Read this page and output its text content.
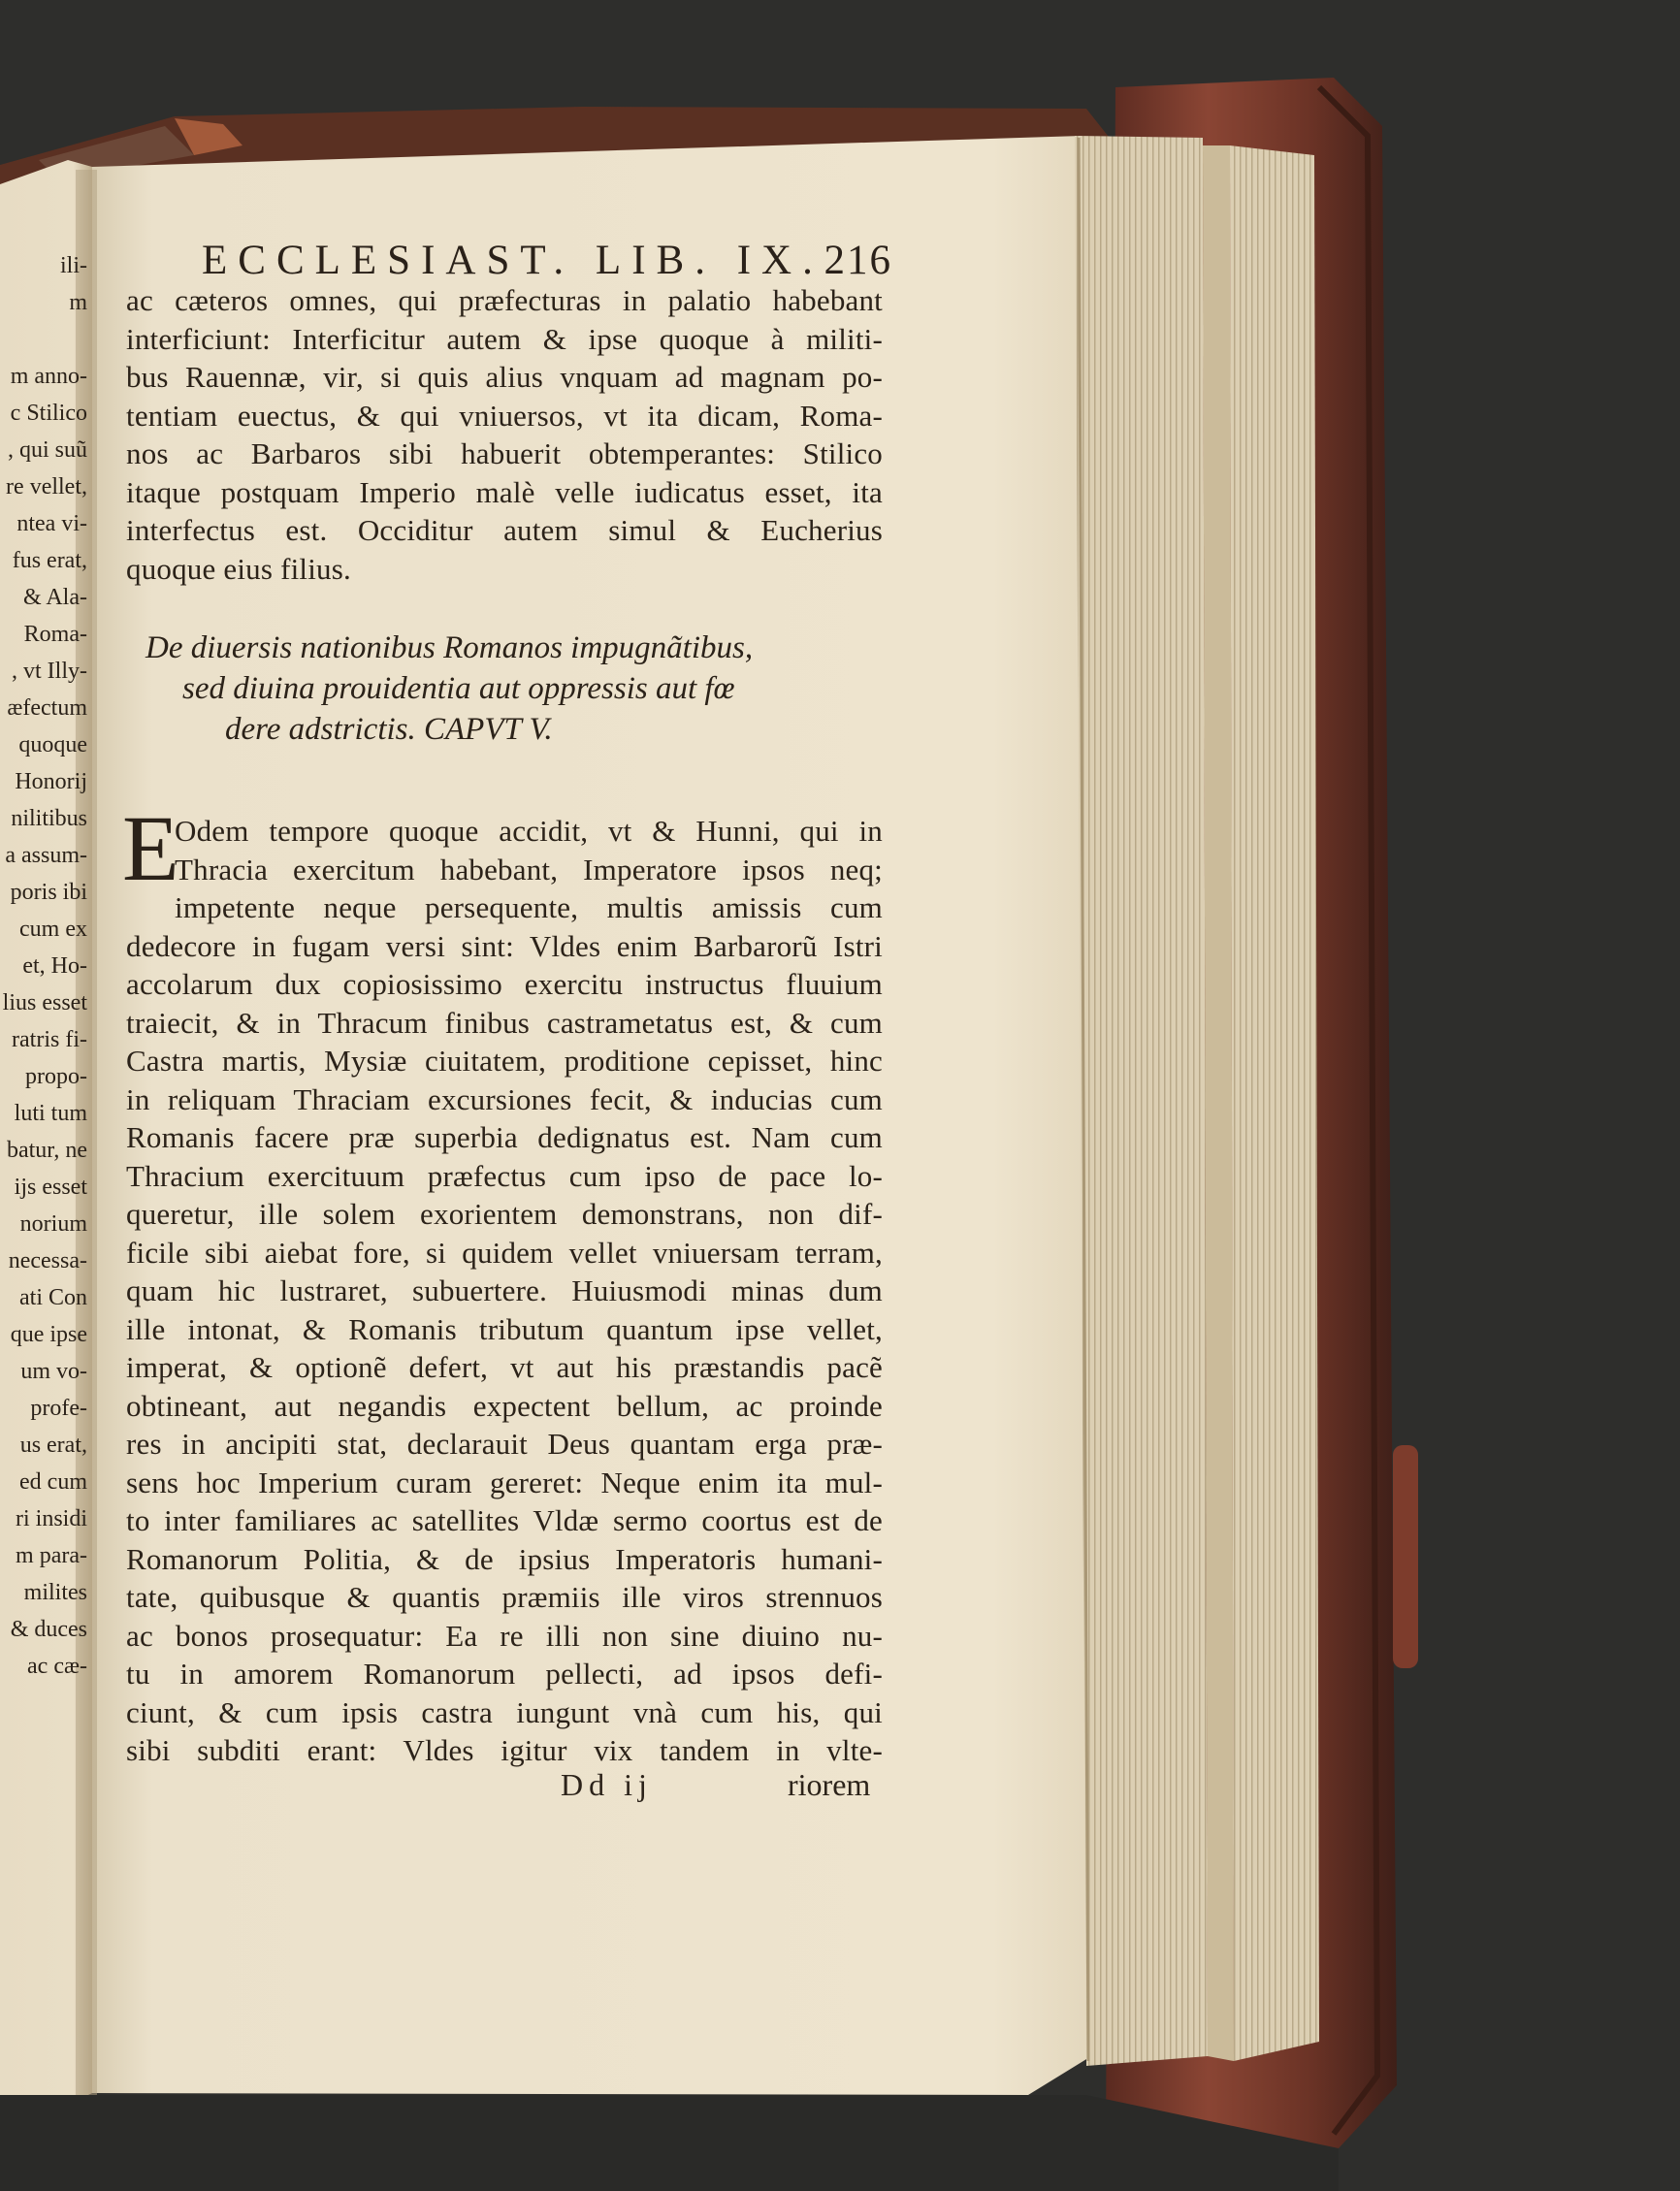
ili-
m
m anno-
c Stilico
, qui suũ
re vellet,
ntea vi-
fus erat,
& Ala-
Roma-
, vt Illy-
æfectum
quoque
Honorij
nilitibus
a assum-
poris ibi
cum ex
et, Ho-
lius esset
ratris fi-
propo-
luti tum
batur, ne
ijs esset
norium
necessa-
ati Con
que ipse
um vo-
profe-
us erat,
ed cum
ri insidi
m para-
milites
& duces
ac cæ-
ECCLESIAST. LIB. IX. 216
ac cæteros omnes, qui præfecturas in palatio habebant
interficiunt: Interficitur autem & ipse quoque à militi-
bus Rauennæ, vir, si quis alius vnquam ad magnam po-
tentiam euectus, & qui vniuersos, vt ita dicam, Roma-
nos ac Barbaros sibi habuerit obtemperantes: Stilico
itaque postquam Imperio malè velle iudicatus esset, ita
interfectus est. Occiditur autem simul & Eucherius
quoque eius filius.
De diuersis nationibus Romanos impugnãtibus,
sed diuina prouidentia aut oppressis aut fœ
dere adstrictis. CAPVT V.
E
Odem tempore quoque accidit, vt & Hunni, qui in
Thracia exercitum habebant, Imperatore ipsos neq;
impetente neque persequente, multis amissis cum
dedecore in fugam versi sint: Vldes enim Barbarorũ Istri
accolarum dux copiosissimo exercitu instructus fluuium
traiecit, & in Thracum finibus castrametatus est, & cum
Castra martis, Mysiæ ciuitatem, proditione cepisset, hinc
in reliquam Thraciam excursiones fecit, & inducias cum
Romanis facere præ superbia dedignatus est. Nam cum
Thracium exercituum præfectus cum ipso de pace lo-
queretur, ille solem exorientem demonstrans, non dif-
ficile sibi aiebat fore, si quidem vellet vniuersam terram,
quam hic lustraret, subuertere. Huiusmodi minas dum
ille intonat, & Romanis tributum quantum ipse vellet,
imperat, & optionẽ defert, vt aut his præstandis pacẽ
obtineant, aut negandis expectent bellum, ac proinde
res in ancipiti stat, declarauit Deus quantam erga præ-
sens hoc Imperium curam gereret: Neque enim ita mul-
to inter familiares ac satellites Vldæ sermo coortus est de
Romanorum Politia, & de ipsius Imperatoris humani-
tate, quibusque & quantis præmiis ille viros strennuos
ac bonos prosequatur: Ea re illi non sine diuino nu-
tu in amorem Romanorum pellecti, ad ipsos defi-
ciunt, & cum ipsis castra iungunt vnà cum his, qui
sibi subditi erant: Vldes igitur vix tandem in vlte-
Dd ij	riorem
